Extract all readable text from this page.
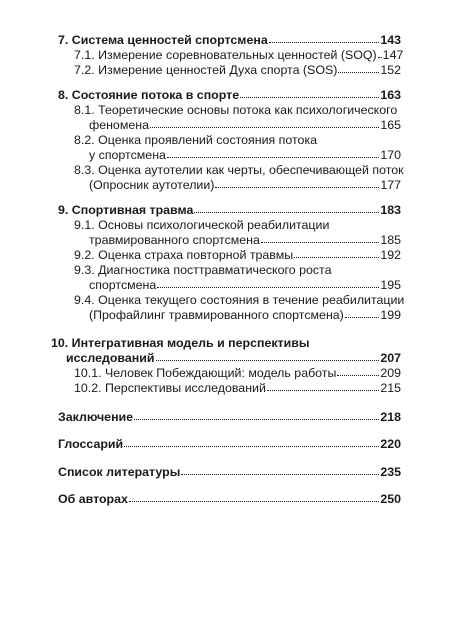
7. Система ценностей спортсмена	143
7.1. Измерение соревновательных ценностей (SOQ) 147
7.2. Измерение ценностей Духа спорта (SOS)	152
8. Состояние потока в спорте	163
8.1. Теоретические основы потока как психологического
феномена	165
8.2. Оценка проявлений состояния потока
у спортсмена	170
8.3. Оценка аутотелии как черты, обеспечивающей поток
(Опросник аутотелии)	177
9. Спортивная травма	183
9.1. Основы психологической реабилитации
травмированного спортсмена	185
9.2. Оценка страха повторной травмы	192
9.3. Диагностика посттравматического роста
спортсмена	195
9.4. Оценка текущего состояния в течение реабилитации
(Профайлинг травмированного спортсмена)	199
10. Интегративная модель и перспективы
исследований	207
10.1. Человек Побеждающий: модель работы	209
10.2. Перспективы исследований	215
Заключение	218
Глоссарий	220
Список литературы	235
Об авторах	250
